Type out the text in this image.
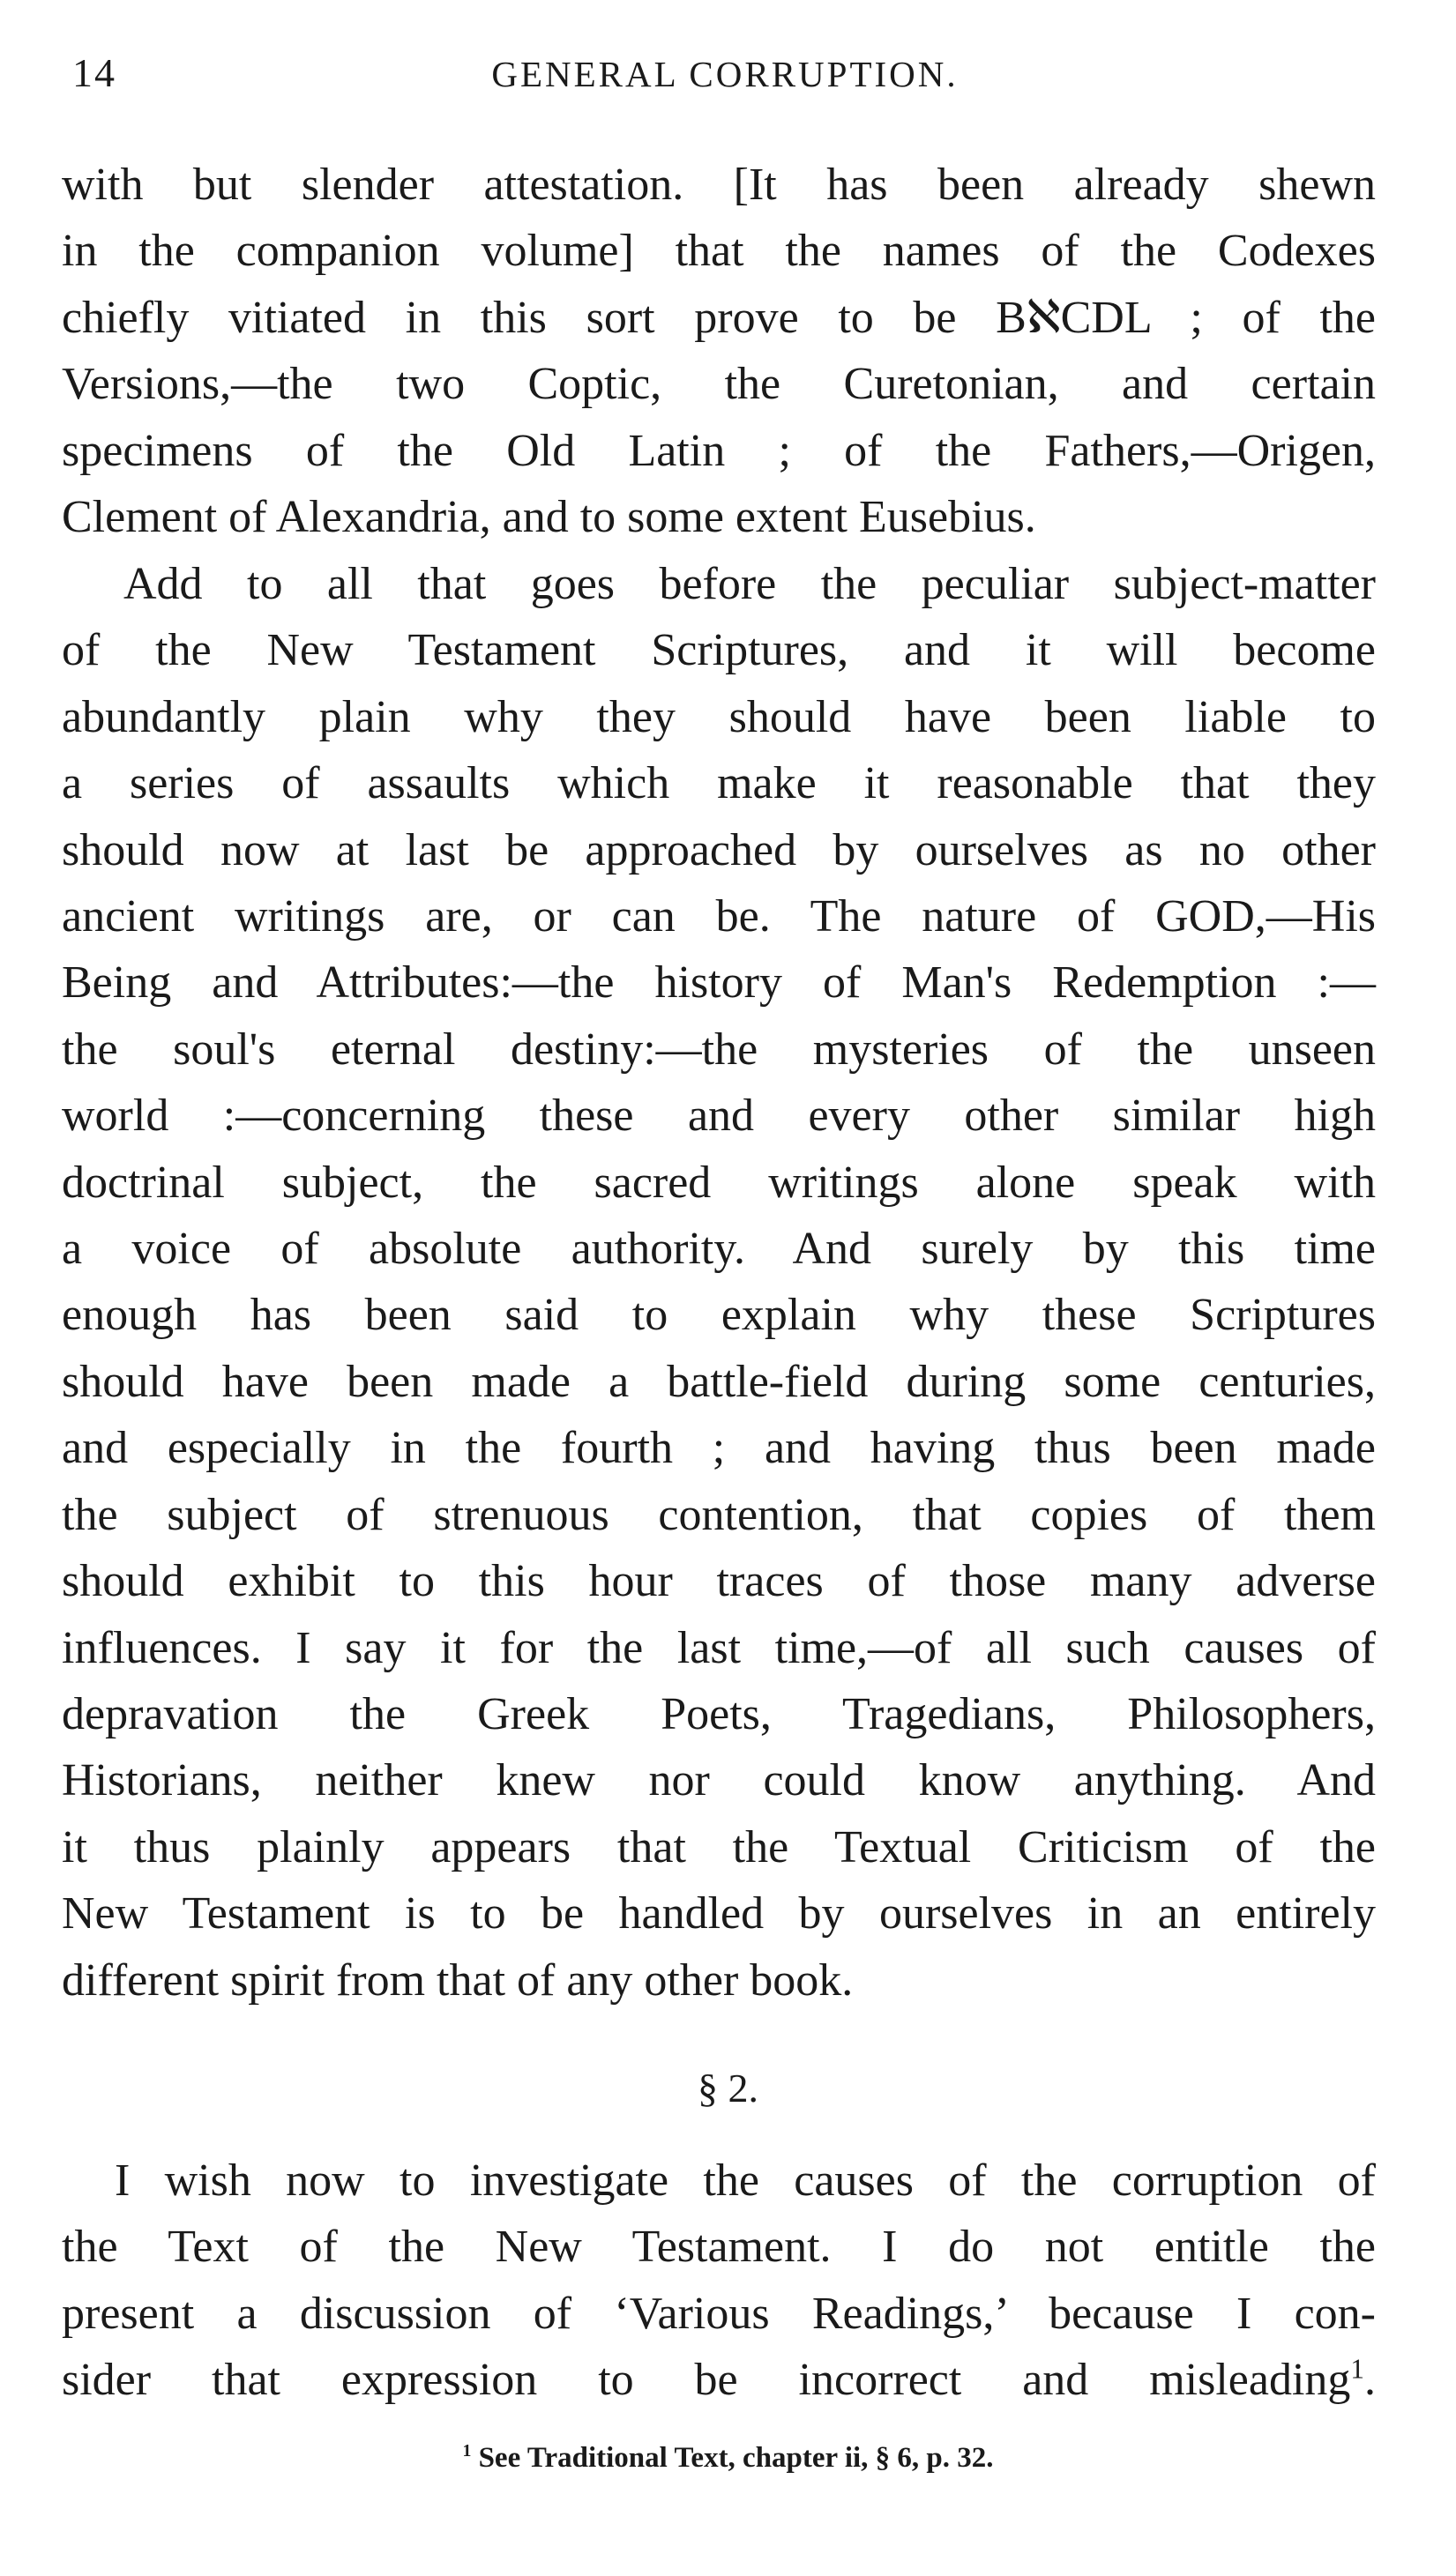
14	GENERAL CORRUPTION.

with but slender attestation. [It has been already shewn
in the companion volume] that the names of the Codexes
chiefly vitiated in this sort prove to be BℵCDL ; of the
Versions,—the two Coptic, the Curetonian, and certain
specimens of the Old Latin ; of the Fathers,—Origen,
Clement of Alexandria, and to some extent Eusebius.

Add to all that goes before the peculiar subject-matter
of the New Testament Scriptures, and it will become
abundantly plain why they should have been liable to
a series of assaults which make it reasonable that they
should now at last be approached by ourselves as no other
ancient writings are, or can be. The nature of GOD,—His
Being and Attributes:—the history of Man's Redemption :—
the soul's eternal destiny:—the mysteries of the unseen
world :—concerning these and every other similar high
doctrinal subject, the sacred writings alone speak with
a voice of absolute authority. And surely by this time
enough has been said to explain why these Scriptures
should have been made a battle-field during some centuries,
and especially in the fourth ; and having thus been made
the subject of strenuous contention, that copies of them
should exhibit to this hour traces of those many adverse
influences. I say it for the last time,—of all such causes of
depravation the Greek Poets, Tragedians, Philosophers,
Historians, neither knew nor could know anything. And
it thus plainly appears that the Textual Criticism of the
New Testament is to be handled by ourselves in an entirely
different spirit from that of any other book.

§ 2.

I wish now to investigate the causes of the corruption of
the Text of the New Testament. I do not entitle the
present a discussion of ‘Various Readings,’ because I con-
sider that expression to be incorrect and misleading$^1$.

$^1$ See Traditional Text, chapter ii, § 6, p. 32.
